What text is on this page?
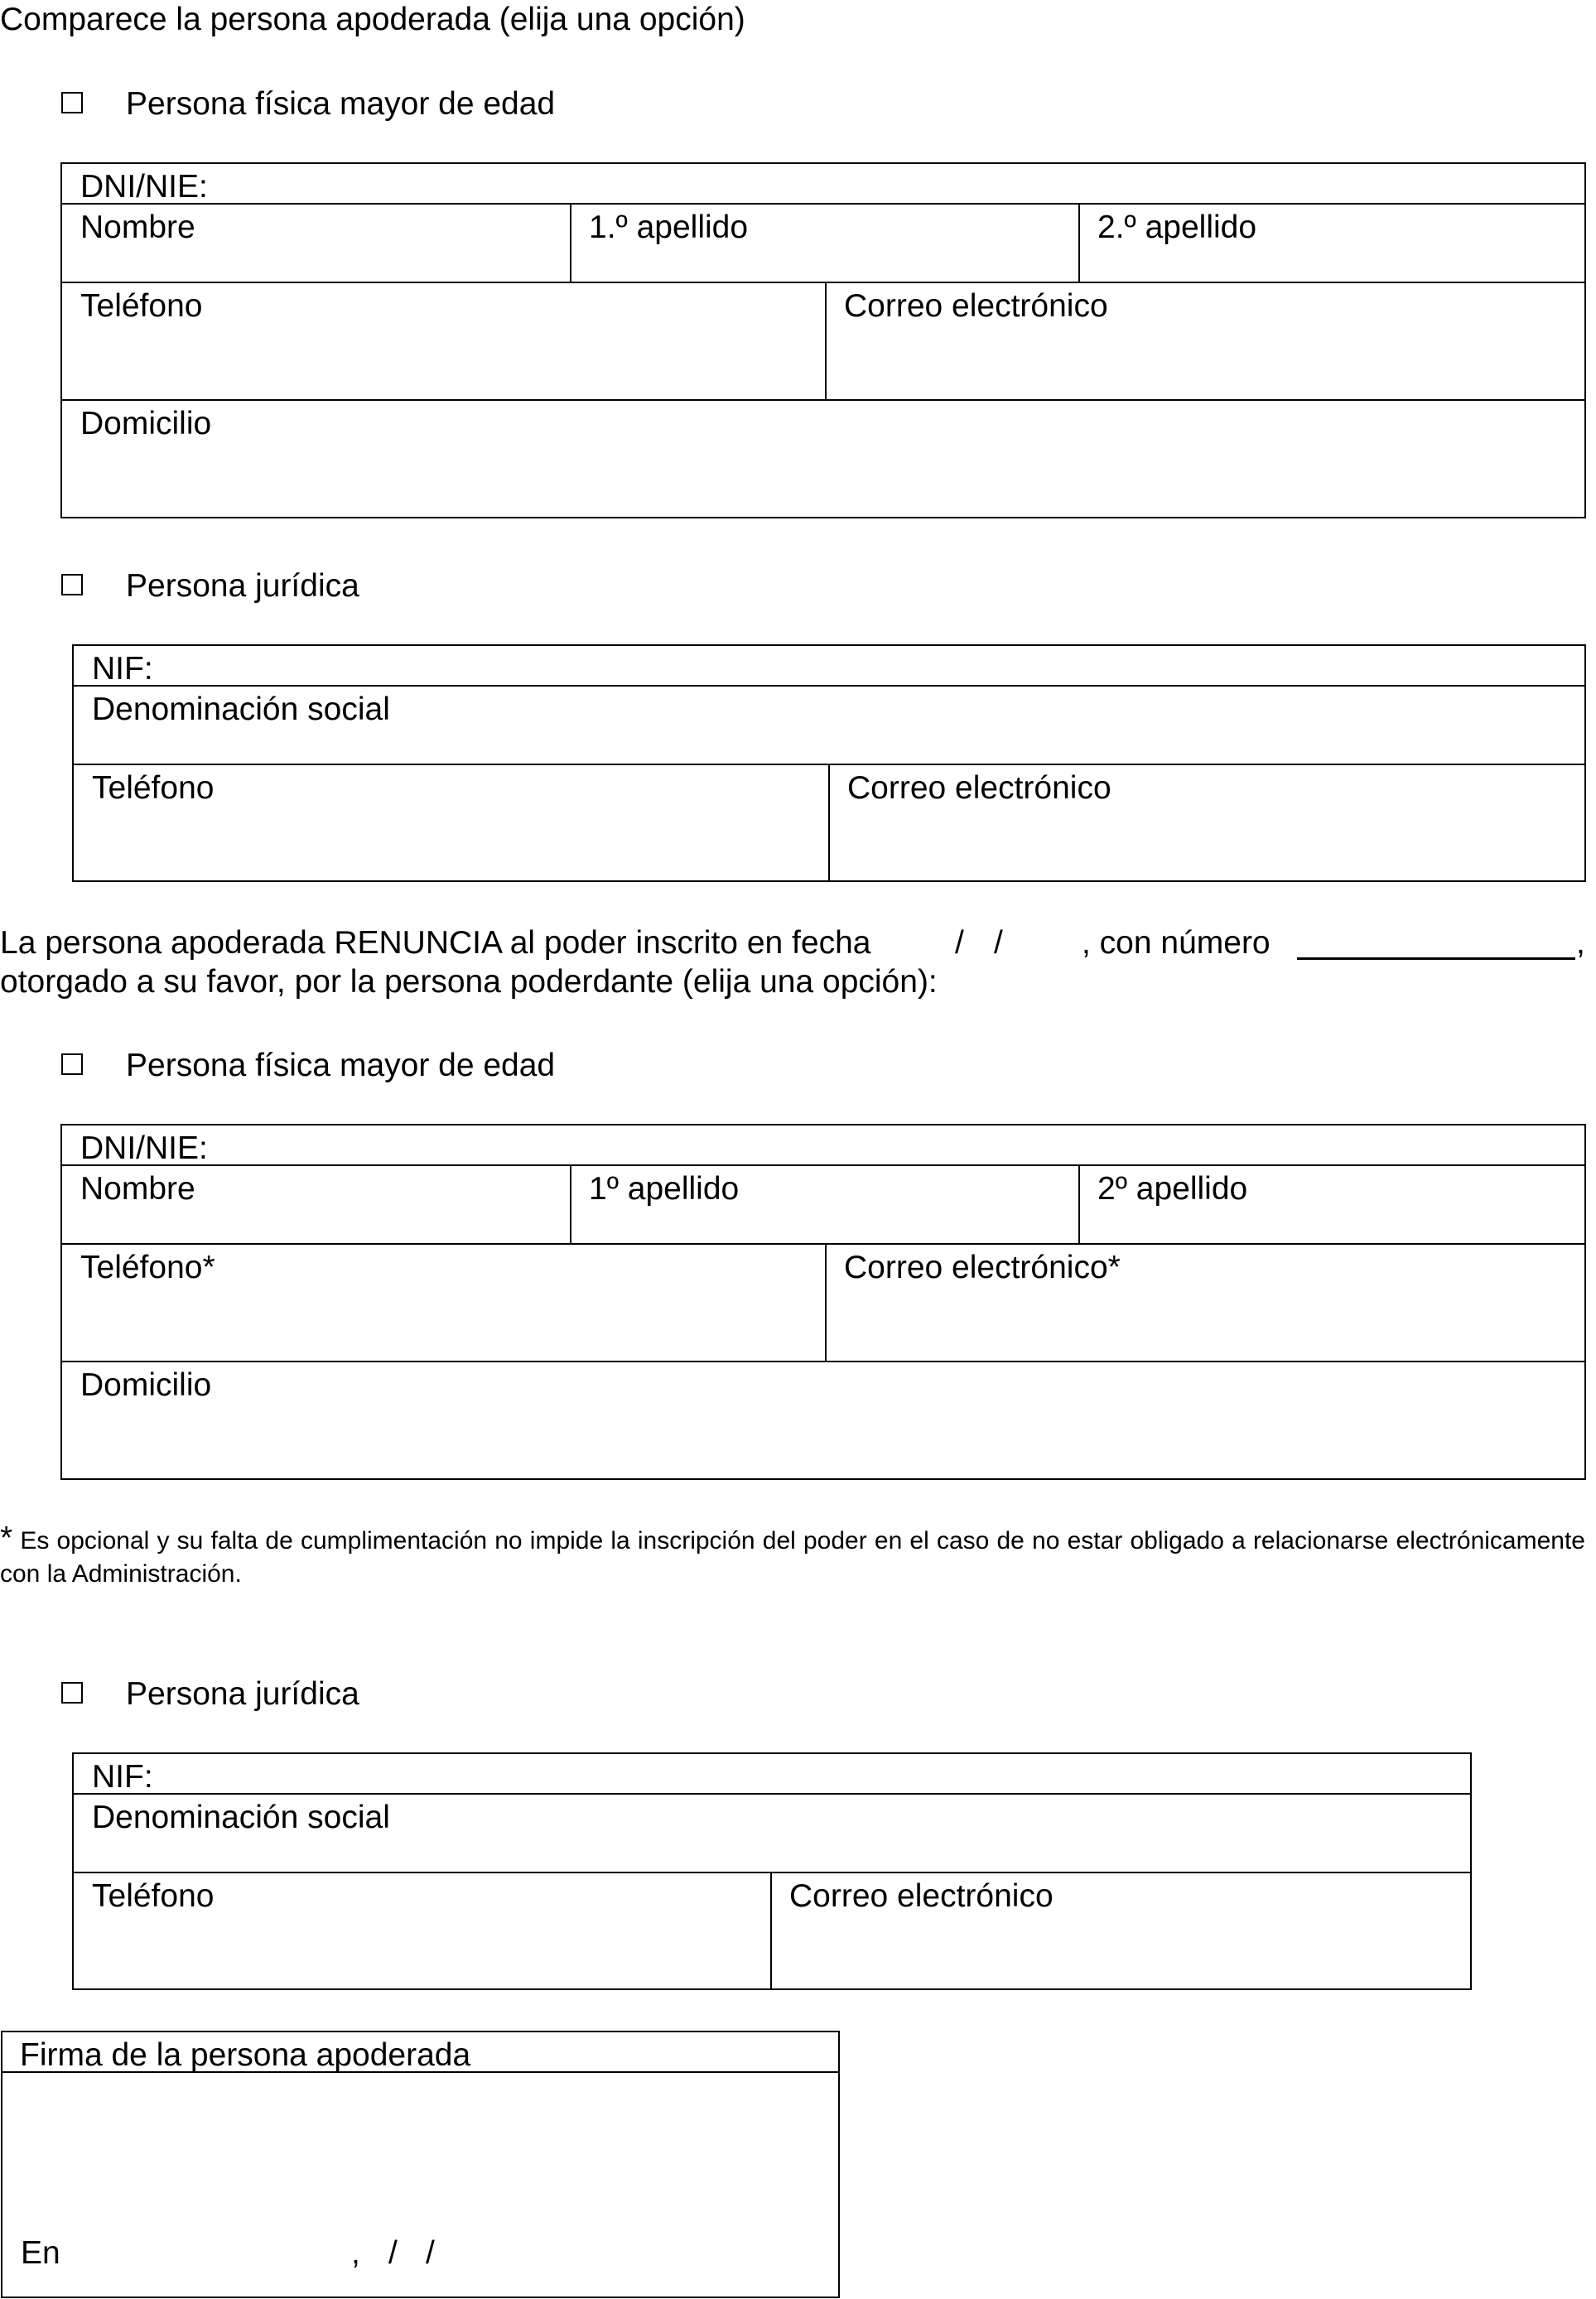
Comparece la persona apoderada (elija una opción)
Persona física mayor de edad
DNI/NIE:
Nombre	1.º apellido	2.º apellido
Teléfono	Correo electrónico
Domicilio
Persona jurídica
NIF:
Denominación social
Teléfono	Correo electrónico
La persona apoderada RENUNCIA al poder inscrito en fecha	/ / , con número	,
otorgado a su favor, por la persona poderdante (elija una opción):
Persona física mayor de edad
DNI/NIE:
Nombre	1º apellido	2º apellido
Teléfono*	Correo electrónico*
Domicilio
* Es opcional y su falta de cumplimentación no impide la inscripción del poder en el caso de no estar obligado a relacionarse electrónicamente con la Administración.
Persona jurídica
NIF:
Denominación social
Teléfono	Correo electrónico
Firma de la persona apoderada
En	, / /
